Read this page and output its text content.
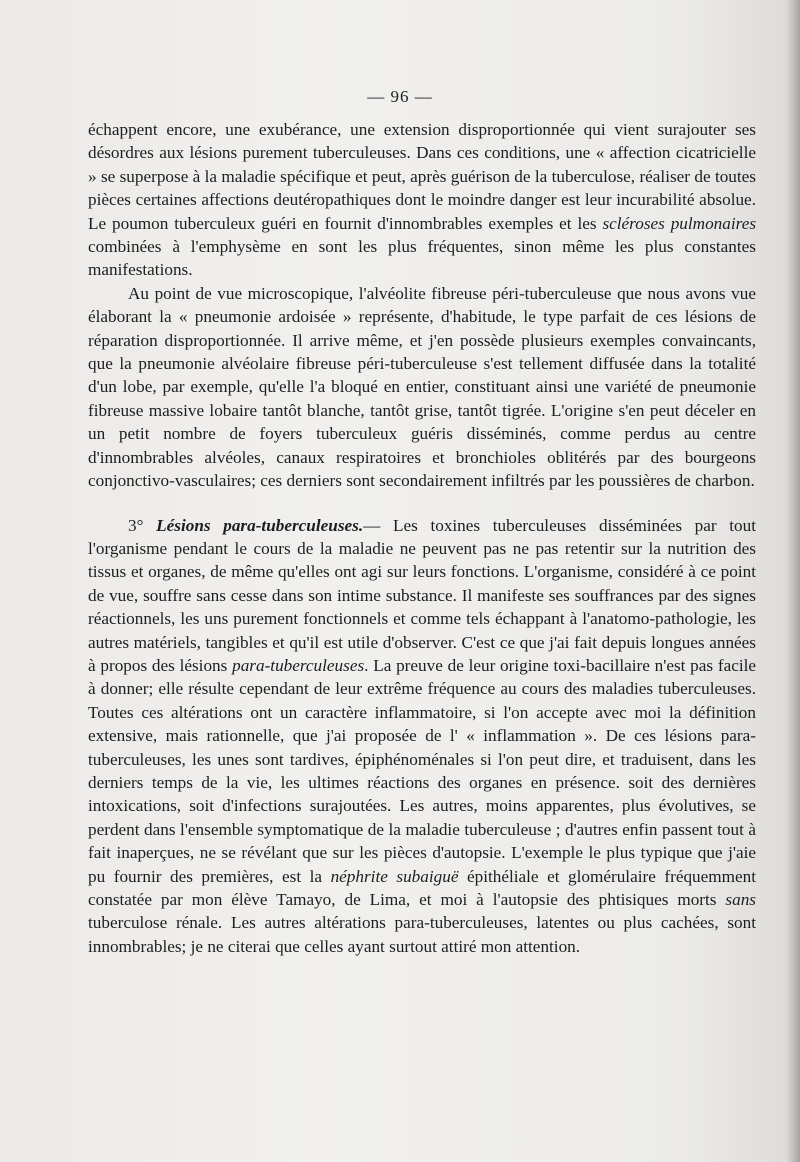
— 96 —

échappent encore, une exubérance, une extension disproportionnée qui vient surajouter ses désordres aux lésions purement tuberculeuses. Dans ces conditions, une « affection cicatricielle » se superpose à la maladie spécifique et peut, après guérison de la tuberculose, réaliser de toutes pièces certaines affections deutéropathiques dont le moindre danger est leur incurabilité absolue. Le poumon tuberculeux guéri en fournit d'innombrables exemples et les scléroses pulmonaires combinées à l'emphysème en sont les plus fréquentes, sinon même les plus constantes manifestations.

Au point de vue microscopique, l'alvéolite fibreuse péri-tuberculeuse que nous avons vue élaborant la « pneumonie ardoisée » représente, d'habitude, le type parfait de ces lésions de réparation disproportionnée. Il arrive même, et j'en possède plusieurs exemples convaincants, que la pneumonie alvéolaire fibreuse péri-tuberculeuse s'est tellement diffusée dans la totalité d'un lobe, par exemple, qu'elle l'a bloqué en entier, constituant ainsi une variété de pneumonie fibreuse massive lobaire tantôt blanche, tantôt grise, tantôt tigrée. L'origine s'en peut déceler en un petit nombre de foyers tuberculeux guéris disséminés, comme perdus au centre d'innombrables alvéoles, canaux respiratoires et bronchioles oblitérés par des bourgeons conjonctivo-vasculaires; ces derniers sont secondairement infiltrés par les poussières de charbon.

3° Lésions para-tuberculeuses.— Les toxines tuberculeuses disséminées par tout l'organisme pendant le cours de la maladie ne peuvent pas ne pas retentir sur la nutrition des tissus et organes, de même qu'elles ont agi sur leurs fonctions. L'organisme, considéré à ce point de vue, souffre sans cesse dans son intime substance. Il manifeste ses souffrances par des signes réactionnels, les uns purement fonctionnels et comme tels échappant à l'anatomo-pathologie, les autres matériels, tangibles et qu'il est utile d'observer. C'est ce que j'ai fait depuis longues années à propos des lésions para-tuberculeuses. La preuve de leur origine toxi-bacillaire n'est pas facile à donner; elle résulte cependant de leur extrême fréquence au cours des maladies tuberculeuses. Toutes ces altérations ont un caractère inflammatoire, si l'on accepte avec moi la définition extensive, mais rationnelle, que j'ai proposée de l' « inflammation ». De ces lésions para-tuberculeuses, les unes sont tardives, épiphénoménales si l'on peut dire, et traduisent, dans les derniers temps de la vie, les ultimes réactions des organes en présence. soit des dernières intoxications, soit d'infections surajoutées. Les autres, moins apparentes, plus évolutives, se perdent dans l'ensemble symptomatique de la maladie tuberculeuse ; d'autres enfin passent tout à fait inaperçues, ne se révélant que sur les pièces d'autopsie. L'exemple le plus typique que j'aie pu fournir des premières, est la néphrite subaiguë épithéliale et glomérulaire fréquemment constatée par mon élève Tamayo, de Lima, et moi à l'autopsie des phtisiques morts sans tuberculose rénale. Les autres altérations para-tuberculeuses, latentes ou plus cachées, sont innombrables; je ne citerai que celles ayant surtout attiré mon attention.
